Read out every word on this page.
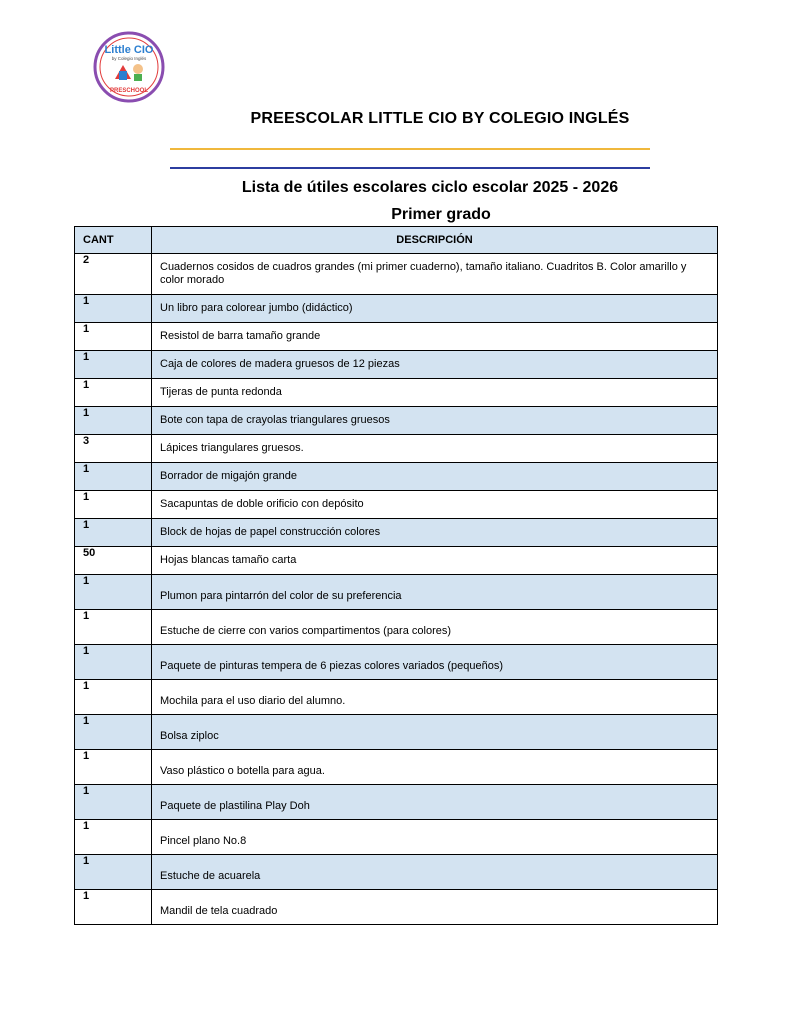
Little CIO
by Colegio Inglés
PRESCHOOL
PREESCOLAR LITTLE CIO BY COLEGIO INGLÉS
Lista de útiles escolares ciclo escolar 2025 - 2026
Primer grado
CANT	DESCRIPCIÓN
2	Cuadernos cosidos de cuadros grandes (mi primer cuaderno), tamaño italiano. Cuadritos B. Color amarillo y color morado
1	Un libro para colorear jumbo (didáctico)
1	Resistol de barra tamaño grande
1	Caja de colores de madera gruesos de 12 piezas
1	Tijeras de punta redonda
1	Bote con tapa de crayolas triangulares gruesos
3	Lápices triangulares gruesos.
1	Borrador de migajón grande
1	Sacapuntas de doble orificio con depósito
1	Block de hojas de papel construcción colores
50	Hojas blancas tamaño carta
1	Plumon para pintarrón del color de su preferencia
1	Estuche de cierre con varios compartimentos (para colores)
1	Paquete de pinturas tempera de 6 piezas colores variados (pequeños)
1	Mochila para el uso diario del alumno.
1	Bolsa ziploc
1	Vaso plástico o botella para agua.
1	Paquete de plastilina Play Doh
1	Pincel plano No.8
1	Estuche de acuarela
1	Mandil de tela cuadrado
